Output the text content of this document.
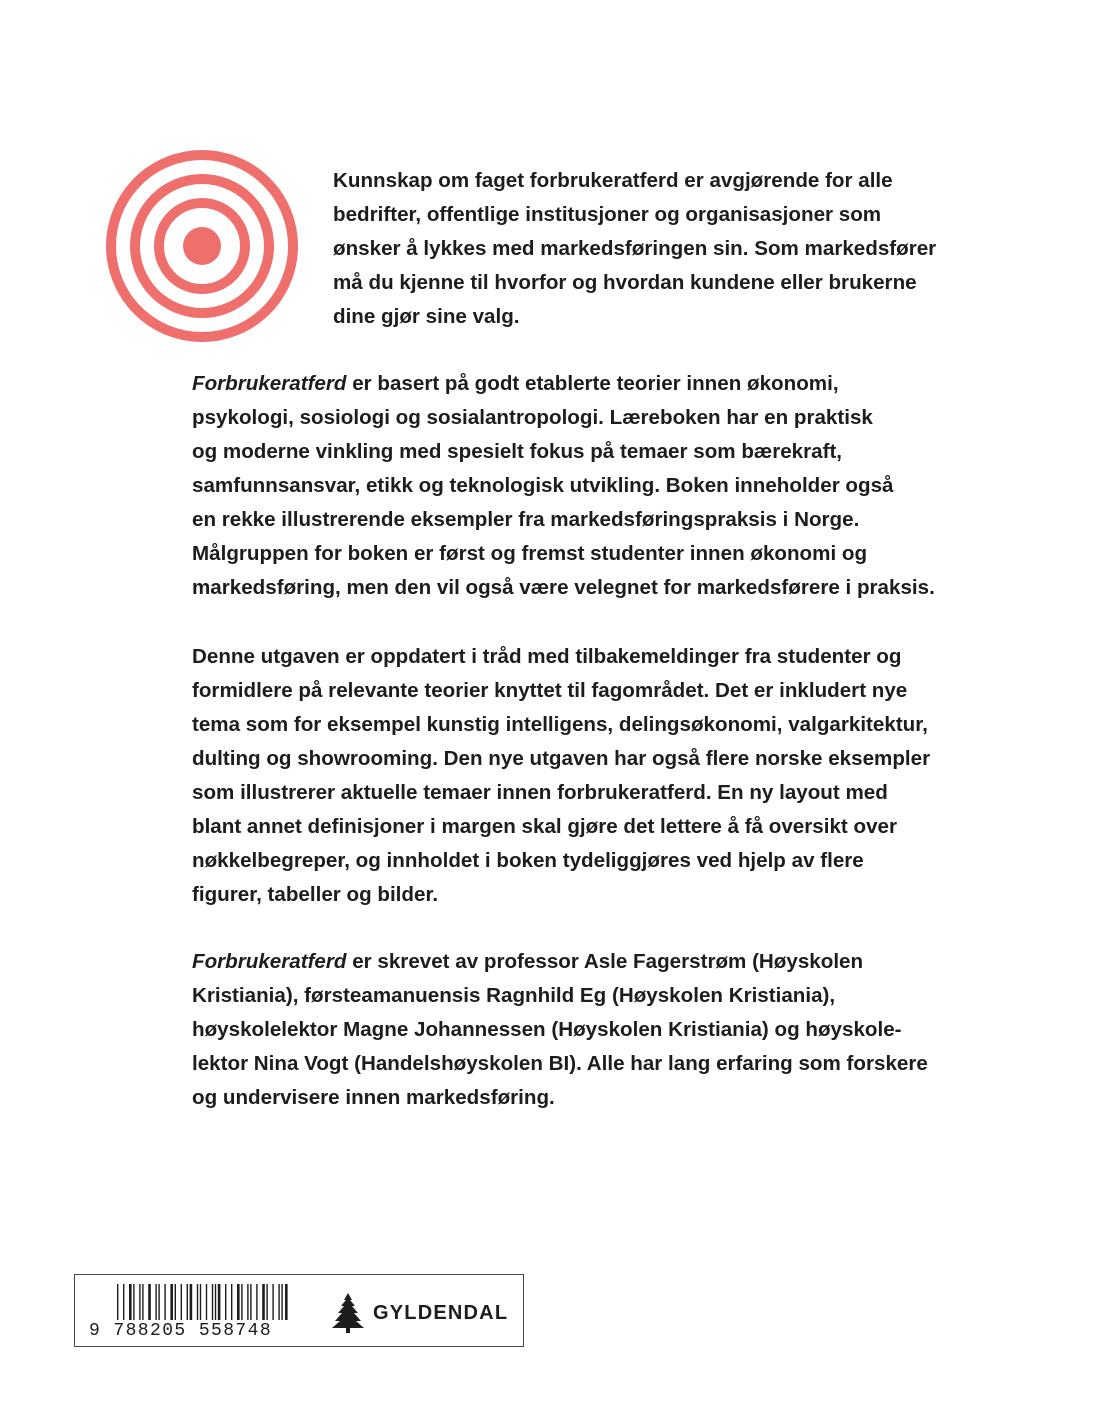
Kunnskap om faget forbrukeratferd er avgjørende for alle
bedrifter, offentlige institusjoner og organisasjoner som
ønsker å lykkes med markedsføringen sin. Som markedsfører
må du kjenne til hvorfor og hvordan kundene eller brukerne
dine gjør sine valg.

Forbrukeratferd er basert på godt etablerte teorier innen økonomi,
psykologi, sosiologi og sosialantropologi. Læreboken har en praktisk
og moderne vinkling med spesielt fokus på temaer som bærekraft,
samfunnsansvar, etikk og teknologisk utvikling. Boken inneholder også
en rekke illustrerende eksempler fra markedsføringspraksis i Norge.
Målgruppen for boken er først og fremst studenter innen økonomi og
markedsføring, men den vil også være velegnet for markedsførere i praksis.

Denne utgaven er oppdatert i tråd med tilbakemeldinger fra studenter og
formidlere på relevante teorier knyttet til fagområdet. Det er inkludert nye
tema som for eksempel kunstig intelligens, delingsøkonomi, valgarkitektur,
dulting og showrooming. Den nye utgaven har også flere norske eksempler
som illustrerer aktuelle temaer innen forbrukeratferd. En ny layout med
blant annet definisjoner i margen skal gjøre det lettere å få oversikt over
nøkkelbegreper, og innholdet i boken tydeliggjøres ved hjelp av flere
figurer, tabeller og bilder.

Forbrukeratferd er skrevet av professor Asle Fagerstrøm (Høyskolen
Kristiania), førsteamanuensis Ragnhild Eg (Høyskolen Kristiania),
høyskolelektor Magne Johannessen (Høyskolen Kristiania) og høyskole-
lektor Nina Vogt (Handelshøyskolen BI). Alle har lang erfaring som forskere
og undervisere innen markedsføring.

9 788205 558748
GYLDENDAL
